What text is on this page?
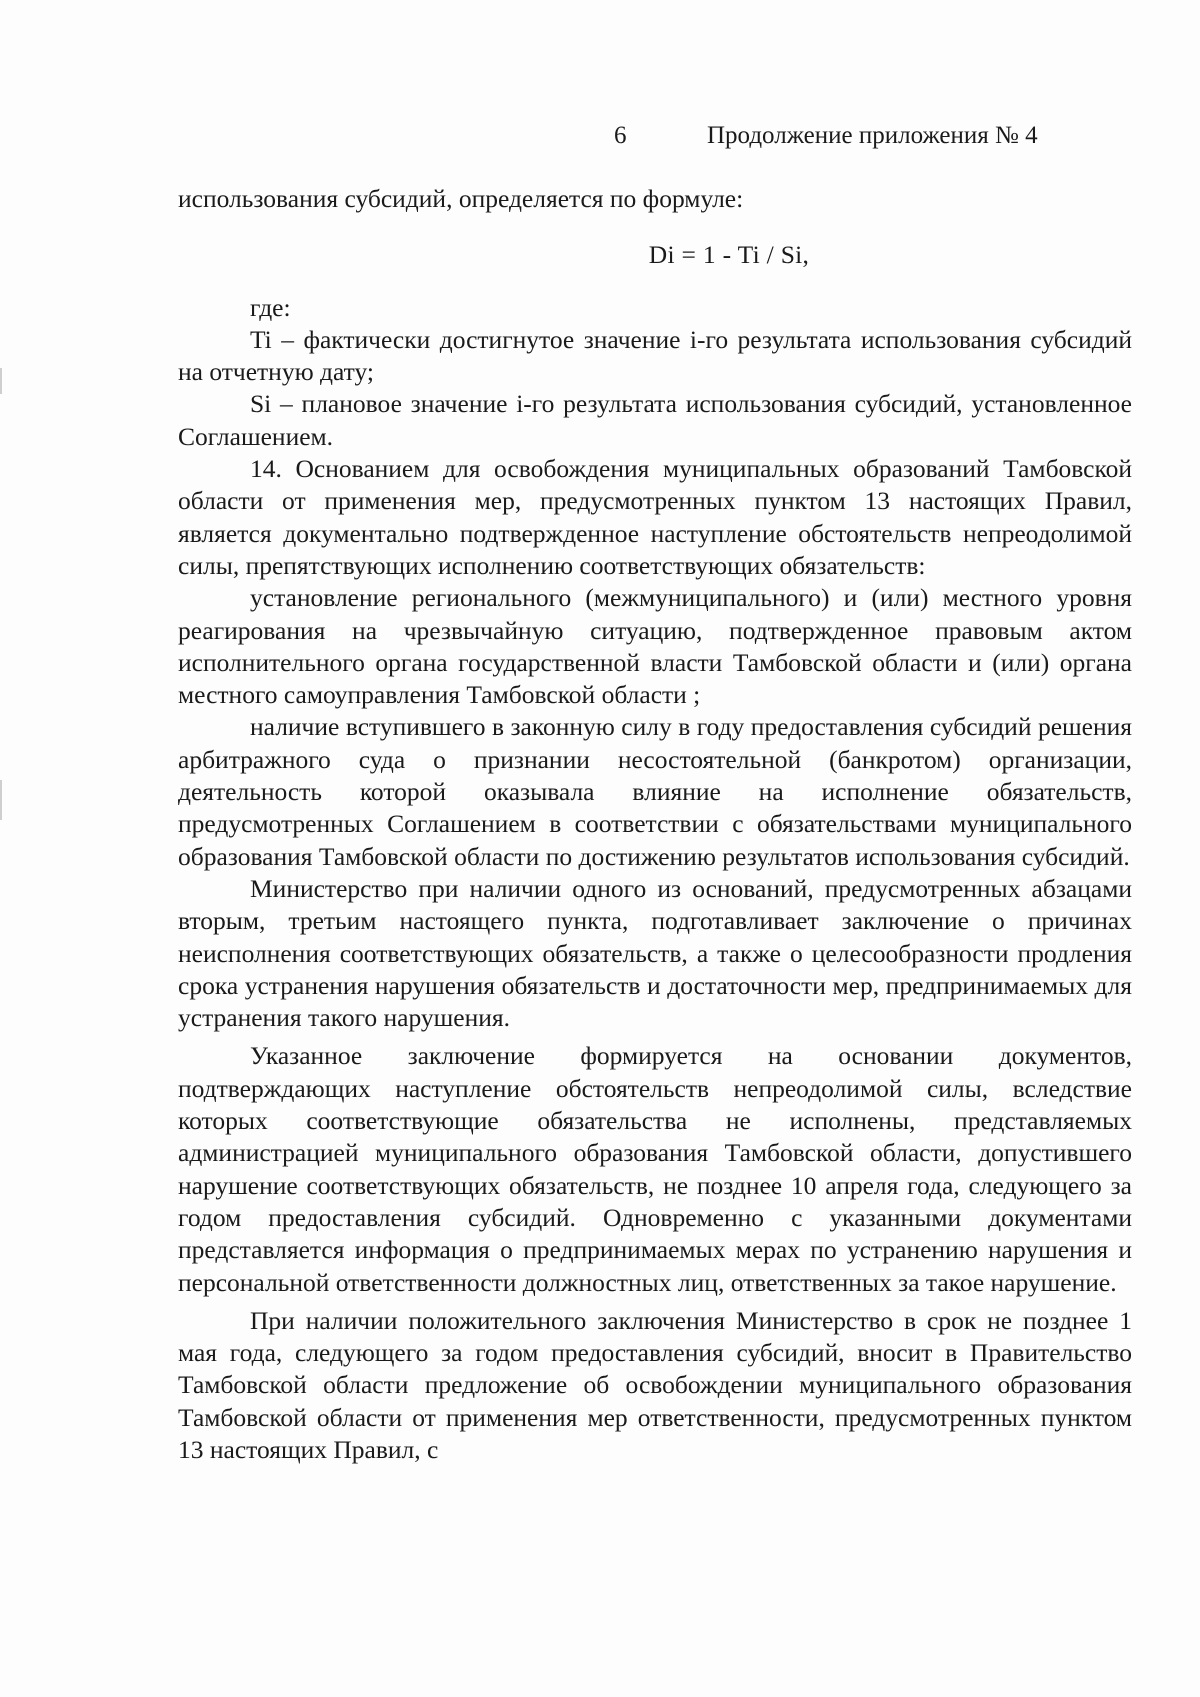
6	Продолжение приложения № 4

использования субсидий, определяется по формуле:

Di = 1 - Ti / Si,

где:

Ti – фактически достигнутое значение i-го результата использования субсидий на отчетную дату;

Si – плановое значение i-го результата использования субсидий, установленное Соглашением.

14. Основанием для освобождения муниципальных образований Тамбовской области от применения мер, предусмотренных пунктом 13 настоящих Правил, является документально подтвержденное наступление обстоятельств непреодолимой силы, препятствующих исполнению соответствующих обязательств:

установление регионального (межмуниципального) и (или) местного уровня реагирования на чрезвычайную ситуацию, подтвержденное правовым актом исполнительного органа государственной власти Тамбовской области и (или) органа местного самоуправления Тамбовской области ;

наличие вступившего в законную силу в году предоставления субсидий решения арбитражного суда о признании несостоятельной (банкротом) организации, деятельность которой оказывала влияние на исполнение обязательств, предусмотренных Соглашением в соответствии с обязательствами муниципального образования Тамбовской области по достижению результатов использования субсидий.

Министерство при наличии одного из оснований, предусмотренных абзацами вторым, третьим настоящего пункта, подготавливает заключение о причинах неисполнения соответствующих обязательств, а также о целесообразности продления срока устранения нарушения обязательств и достаточности мер, предпринимаемых для устранения такого нарушения.

Указанное заключение формируется на основании документов, подтверждающих наступление обстоятельств непреодолимой силы, вследствие которых соответствующие обязательства не исполнены, представляемых администрацией муниципального образования Тамбовской области, допустившего нарушение соответствующих обязательств, не позднее 10 апреля года, следующего за годом предоставления субсидий. Одновременно с указанными документами представляется информация о предпринимаемых мерах по устранению нарушения и персональной ответственности должностных лиц, ответственных за такое нарушение.

При наличии положительного заключения Министерство в срок не позднее 1 мая года, следующего за годом предоставления субсидий, вносит в Правительство Тамбовской области предложение об освобождении муниципального образования Тамбовской области от применения мер ответственности, предусмотренных пунктом 13 настоящих Правил, с
